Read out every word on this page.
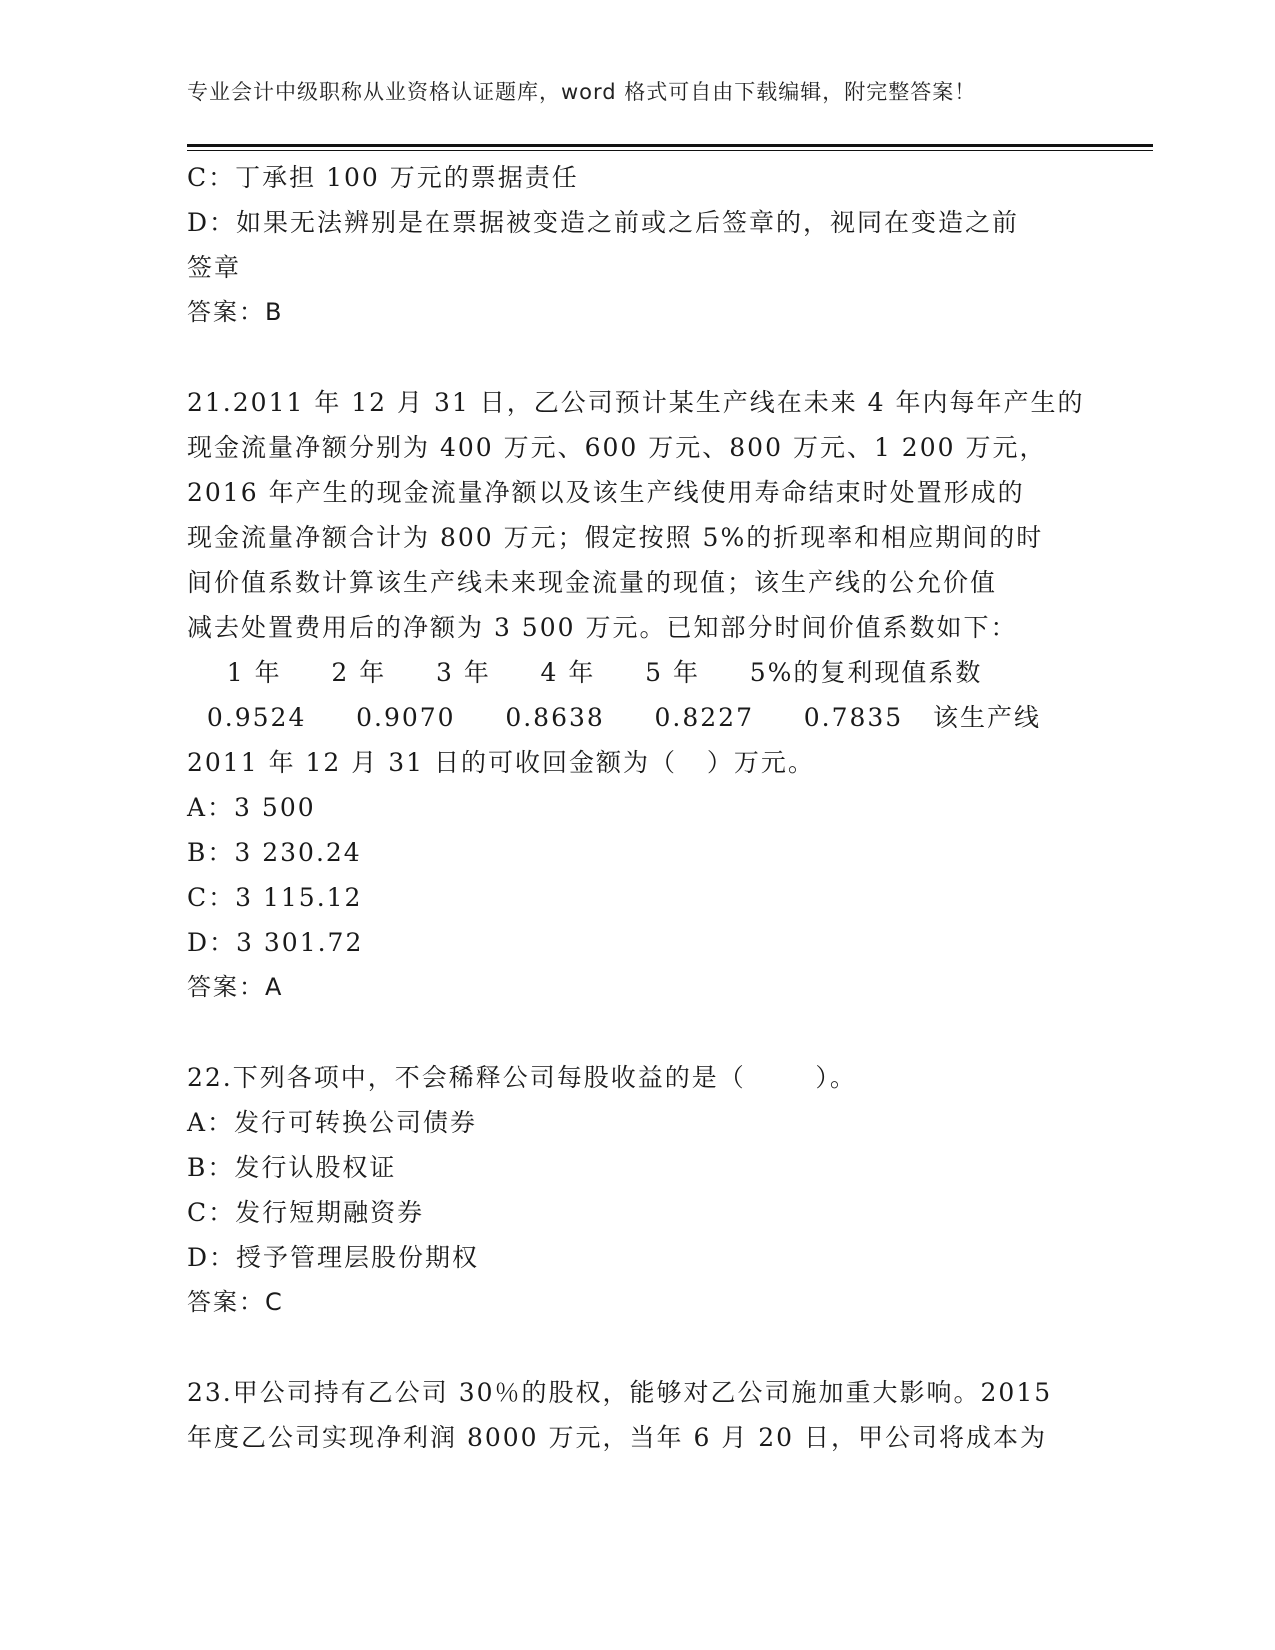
专业会计中级职称从业资格认证题库，word 格式可自由下载编辑，附完整答案！
C：丁承担 100 万元的票据责任
D：如果无法辨别是在票据被变造之前或之后签章的，视同在变造之前
签章
答案：B
21.2011 年 12 月 31 日，乙公司预计某生产线在未来 4 年内每年产生的
现金流量净额分别为 400 万元、600 万元、800 万元、1 200 万元，
2016 年产生的现金流量净额以及该生产线使用寿命结束时处置形成的
现金流量净额合计为 800 万元；假定按照 5%的折现率和相应期间的时
间价值系数计算该生产线未来现金流量的现值；该生产线的公允价值
减去处置费用后的净额为 3 500 万元。已知部分时间价值系数如下：
1 年     2 年     3 年     4 年     5 年     5%的复利现值系数
0.9524     0.9070     0.8638     0.8227     0.7835   该生产线
2011 年 12 月 31 日的可收回金额为（   ）万元。
A：3 500
B：3 230.24
C：3 115.12
D：3 301.72
答案：A
22.下列各项中，不会稀释公司每股收益的是（       ）。
A：发行可转换公司债券
B：发行认股权证
C：发行短期融资券
D：授予管理层股份期权
答案：C
23.甲公司持有乙公司 30％的股权，能够对乙公司施加重大影响。2015
年度乙公司实现净利润 8000 万元，当年 6 月 20 日，甲公司将成本为
